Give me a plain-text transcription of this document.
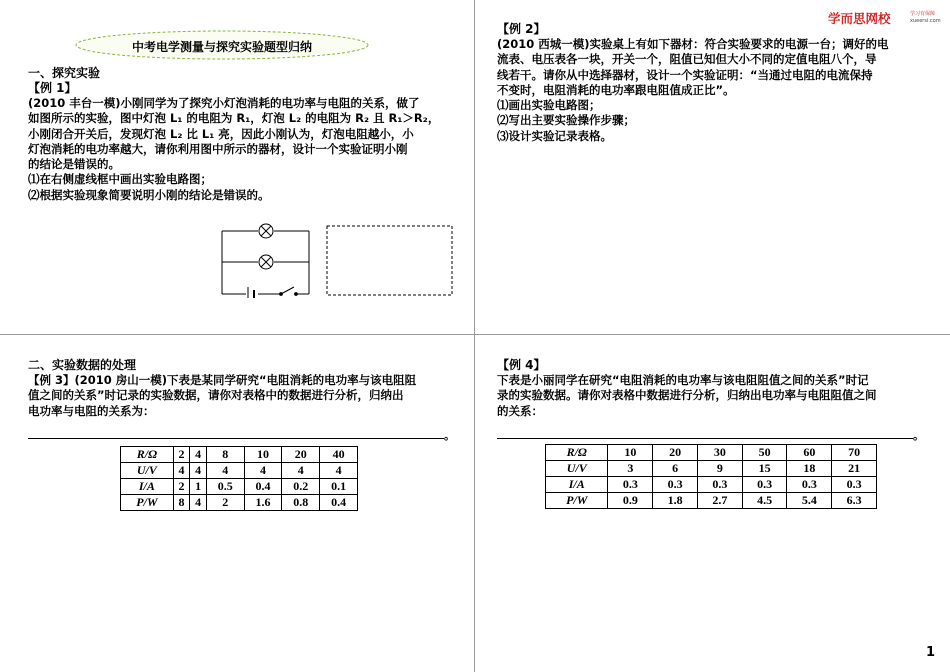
学而思网校	学习有保障
xueersi.com
中考电学测量与探究实验题型归纳
一、探究实验
【例 1】
(2010 丰台一模)小刚同学为了探究小灯泡消耗的电功率与电阻的关系，做了
如图所示的实验，图中灯泡 L₁ 的电阻为 R₁，灯泡 L₂ 的电阻为 R₂ 且 R₁＞R₂，
小刚闭合开关后，发现灯泡 L₂ 比 L₁ 亮，因此小刚认为，灯泡电阻越小，小
灯泡消耗的电功率越大，请你利用图中所示的器材，设计一个实验证明小刚
的结论是错误的。
⑴在右侧虚线框中画出实验电路图；
⑵根据实验现象简要说明小刚的结论是错误的。
【例 2】
(2010 西城一模)实验桌上有如下器材：符合实验要求的电源一台；调好的电
流表、电压表各一块，开关一个，阻值已知但大小不同的定值电阻八个，导
线若干。请你从中选择器材，设计一个实验证明：“当通过电阻的电流保持
不变时，电阻消耗的电功率跟电阻值成正比”。
⑴画出实验电路图；
⑵写出主要实验操作步骤；
⑶设计实验记录表格。
二、实验数据的处理
【例 3】(2010 房山一模)下表是某同学研究“电阻消耗的电功率与该电阻阻
值之间的关系”时记录的实验数据，请你对表格中的数据进行分析，归纳出
电功率与电阻的关系为：
。
R/Ω	2	4	8	10	20	40
U/V	4	4	4	4	4	4
I/A	2	1	0.5	0.4	0.2	0.1
P/W	8	4	2	1.6	0.8	0.4
【例 4】
下表是小丽同学在研究“电阻消耗的电功率与该电阻阻值之间的关系”时记
录的实验数据。请你对表格中数据进行分析，归纳出电功率与电阻阻值之间
的关系：
。
R/Ω	10	20	30	50	60	70
U/V	3	6	9	15	18	21
I/A	0.3	0.3	0.3	0.3	0.3	0.3
P/W	0.9	1.8	2.7	4.5	5.4	6.3
1
